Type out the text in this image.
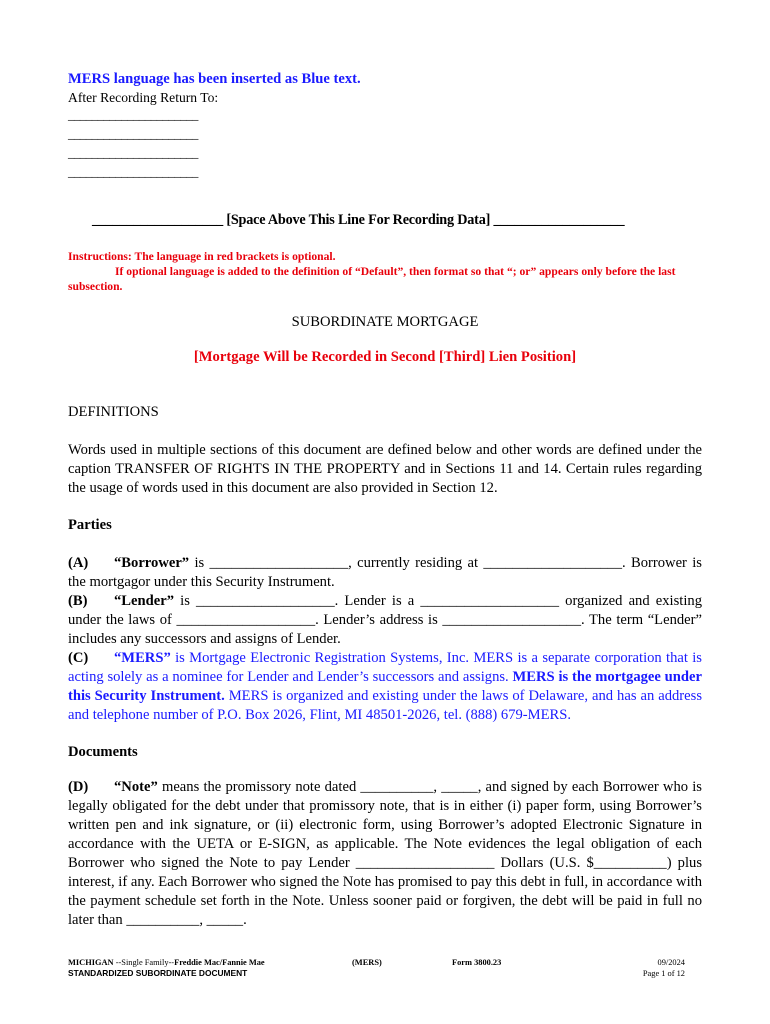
MERS language has been inserted as Blue text.
After Recording Return To:
______________________
______________________
______________________
______________________
___________________ [Space Above This Line For Recording Data] ___________________
Instructions: The language in red brackets is optional.
If optional language is added to the definition of “Default”, then format so that “; or” appears only before the last subsection.
SUBORDINATE MORTGAGE
[Mortgage Will be Recorded in Second [Third] Lien Position]
DEFINITIONS

Words used in multiple sections of this document are defined below and other words are defined under the caption TRANSFER OF RIGHTS IN THE PROPERTY and in Sections 11 and 14. Certain rules regarding the usage of words used in this document are also provided in Section 12.

Parties

(A) “Borrower” is ___________________, currently residing at ___________________. Borrower is the mortgagor under this Security Instrument.

(B) “Lender” is ___________________. Lender is a ___________________ organized and existing under the laws of ___________________. Lender’s address is ___________________. The term “Lender” includes any successors and assigns of Lender.

(C) “MERS” is Mortgage Electronic Registration Systems, Inc. MERS is a separate corporation that is acting solely as a nominee for Lender and Lender’s successors and assigns. MERS is the mortgagee under this Security Instrument. MERS is organized and existing under the laws of Delaware, and has an address and telephone number of P.O. Box 2026, Flint, MI 48501-2026, tel. (888) 679-MERS.

Documents

(D) “Note” means the promissory note dated __________, _____, and signed by each Borrower who is legally obligated for the debt under that promissory note, that is in either (i) paper form, using Borrower’s written pen and ink signature, or (ii) electronic form, using Borrower’s adopted Electronic Signature in accordance with the UETA or E-SIGN, as applicable. The Note evidences the legal obligation of each Borrower who signed the Note to pay Lender ___________________ Dollars (U.S. $__________) plus interest, if any. Each Borrower who signed the Note has promised to pay this debt in full, in accordance with the payment schedule set forth in the Note. Unless sooner paid or forgiven, the debt will be paid in full no later than __________, _____.

MICHIGAN --Single Family--Freddie Mac/Fannie Mae
STANDARDIZED SUBORDINATE DOCUMENT
(MERS)	Form 3800.23	09/2024
Page 1 of 12
